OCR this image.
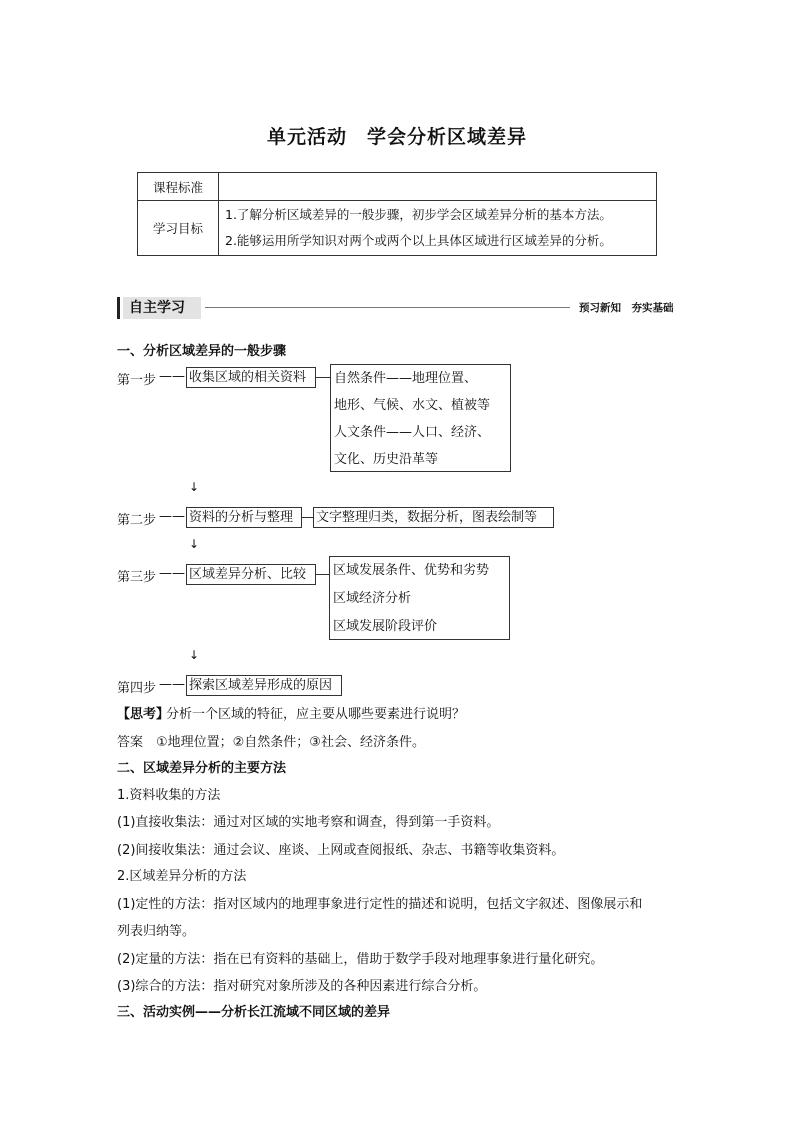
单元活动　学会分析区域差异
课程标准	
学习目标	1.了解分析区域差异的一般步骤，初步学会区域差异分析的基本方法。
2.能够运用所学知识对两个或两个以上具体区域进行区域差异的分析。
自主学习	预习新知　夯实基础
一、分析区域差异的一般步骤
第一步 —— 收集区域的相关资料	自然条件——地理位置、
地形、气候、水文、植被等
人文条件——人口、经济、
文化、历史沿革等
↓
第二步 —— 资料的分析与整理	文字整理归类，数据分析，图表绘制等
↓
第三步 —— 区域差异分析、比较	区域发展条件、优势和劣势
区域经济分析
区域发展阶段评价
↓
第四步 —— 探索区域差异形成的原因
【思考】
分析一个区域的特征，应主要从哪些要素进行说明？
答案 ①地理位置；②自然条件；③社会、经济条件。
二、区域差异分析的主要方法
1.资料收集的方法
(1)直接收集法：通过对区域的实地考察和调查，得到第一手资料。
(2)间接收集法：通过会议、座谈、上网或查阅报纸、杂志、书籍等收集资料。
2.区域差异分析的方法
(1)定性的方法：指对区域内的地理事象进行定性的描述和说明，包括文字叙述、图像展示和
列表归纳等。
(2)定量的方法：指在已有资料的基础上，借助于数学手段对地理事象进行量化研究。
(3)综合的方法：指对研究对象所涉及的各种因素进行综合分析。
三、活动实例——分析长江流域不同区域的差异
